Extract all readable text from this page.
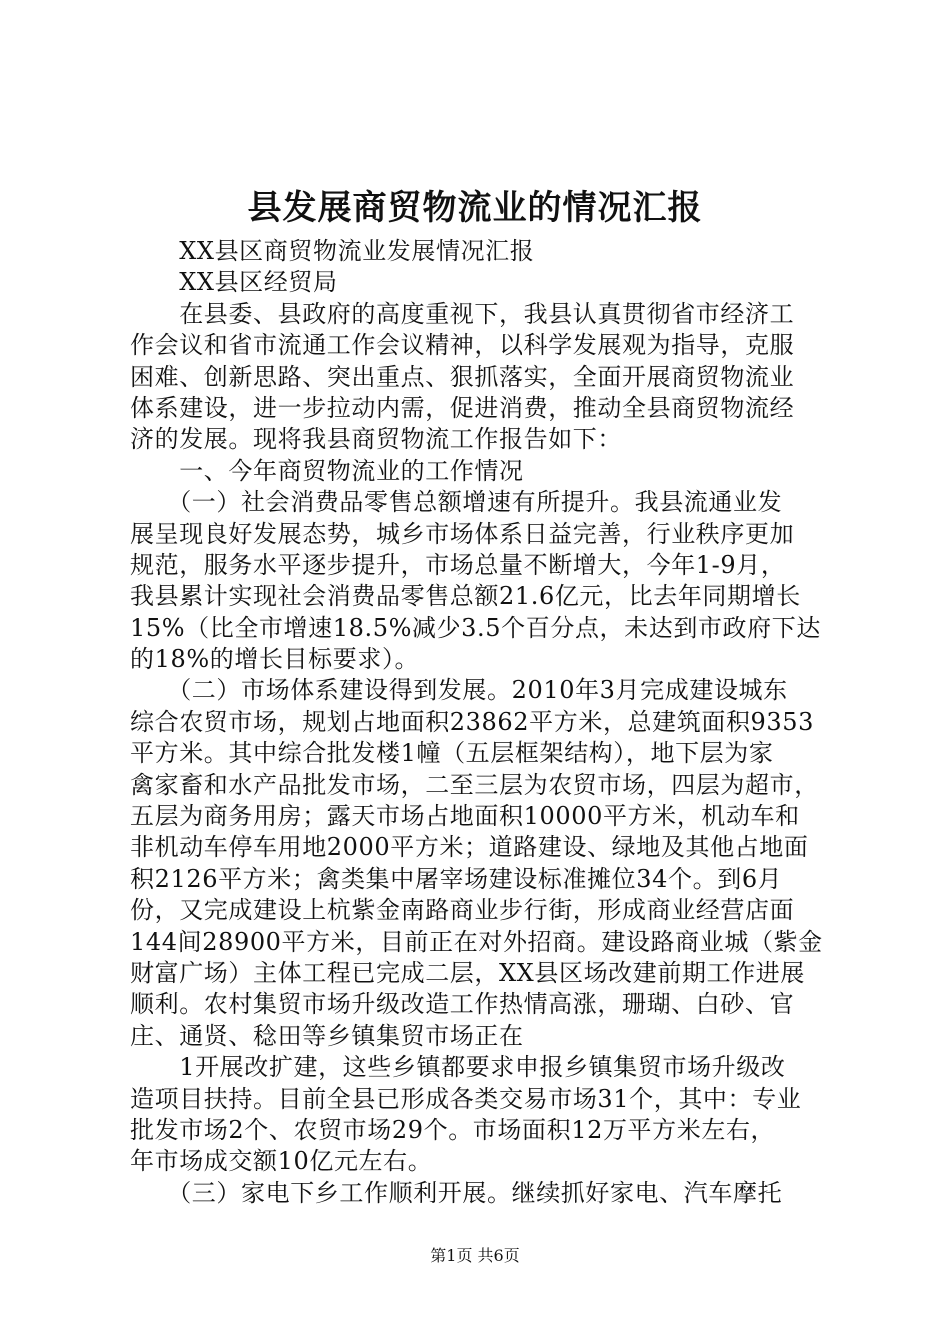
县发展商贸物流业的情况汇报
　　XX县区商贸物流业发展情况汇报
　　XX县区经贸局
　　在县委、县政府的高度重视下，我县认真贯彻省市经济工
作会议和省市流通工作会议精神，以科学发展观为指导，克服
困难、创新思路、突出重点、狠抓落实，全面开展商贸物流业
体系建设，进一步拉动内需，促进消费，推动全县商贸物流经
济的发展。现将我县商贸物流工作报告如下：
　　一、今年商贸物流业的工作情况
　　（一）社会消费品零售总额增速有所提升。我县流通业发
展呈现良好发展态势，城乡市场体系日益完善，行业秩序更加
规范，服务水平逐步提升，市场总量不断增大，今年1-9月，
我县累计实现社会消费品零售总额21.6亿元，比去年同期增长
15%（比全市增速18.5%减少3.5个百分点，未达到市政府下达
的18%的增长目标要求）。
　　（二）市场体系建设得到发展。2010年3月完成建设城东
综合农贸市场，规划占地面积23862平方米，总建筑面积9353
平方米。其中综合批发楼1幢（五层框架结构），地下层为家
禽家畜和水产品批发市场，二至三层为农贸市场，四层为超市，
五层为商务用房；露天市场占地面积10000平方米，机动车和
非机动车停车用地2000平方米；道路建设、绿地及其他占地面
积2126平方米；禽类集中屠宰场建设标准摊位34个。到6月
份，又完成建设上杭紫金南路商业步行街，形成商业经营店面
144间28900平方米，目前正在对外招商。建设路商业城（紫金
财富广场）主体工程已完成二层，XX县区场改建前期工作进展
顺利。农村集贸市场升级改造工作热情高涨，珊瑚、白砂、官
庄、通贤、稔田等乡镇集贸市场正在
　　1开展改扩建，这些乡镇都要求申报乡镇集贸市场升级改
造项目扶持。目前全县已形成各类交易市场31个，其中：专业
批发市场2个、农贸市场29个。市场面积12万平方米左右，
年市场成交额10亿元左右。
　　（三）家电下乡工作顺利开展。继续抓好家电、汽车摩托
第1页 共6页
